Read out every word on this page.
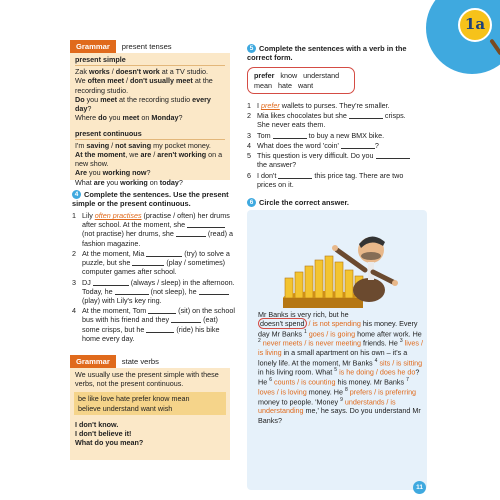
1a
Grammar	present tenses
present simple

Zak works / doesn't work at a TV studio.

We often meet / don't usually meet at the

recording studio.

Do you meet at the recording studio every day?

Where do you meet on Monday?

present continuous

I'm saving / not saving my pocket money.

At the moment, we are / aren't working on a

new show.

Are you working now?

What are you working on today?

4 Complete the sentences. Use the present simple or the present continuous.
1 Lily often practises (practise / often) her drums after school. At the moment, she  (not practise) her drums, she	(read) a fashion magazine.
2 At the moment, Mia	(try) to solve a puzzle, but she	(play / sometimes) computer games after school.
3 DJ	(always / sleep) in the afternoon. Today, he	(not sleep), he  (play) with Lily's key ring.
4 At the moment, Tom	(sit) on the school bus with his friend and they	(eat) some crisps, but he	(ride) his bike home every day.
Grammar	state verbs

We usually use the present simple with these verbs, not the present continuous.

be like love hate prefer know mean
believe understand want wish

I don't know.

I don't believe it!

What do you mean?

5 Complete the sentences with a verb in the correct form.
prefer know understand
mean hate want
1 I prefer wallets to purses. They're smaller.
2 Mia likes chocolates but she	crisps. She never eats them.
3 Tom	to buy a new BMX bike.
4 What does the word 'coin'	?
5 This question is very difficult. Do you  the answer?
6 I don't	this price tag. There are two prices on it.
6 Circle the correct answer.
Mr Banks is very rich, but he
doesn't spend / is not spending his money. Every day Mr Banks $^1$ goes / is going home after work. He $^2$ never meets / is never meeting friends. He $^3$ lives / is living in a small apartment on his own – it's a lonely life. At the moment, Mr Banks $^4$ sits / is sitting in his living room. What $^5$ is he doing / does he do? He $^6$ counts / is counting his money. Mr Banks $^7$ loves / is loving money. He $^8$ prefers / is preferring money to people. 'Money $^9$ understands / is understanding me,' he says. Do you understand Mr Banks?
11
